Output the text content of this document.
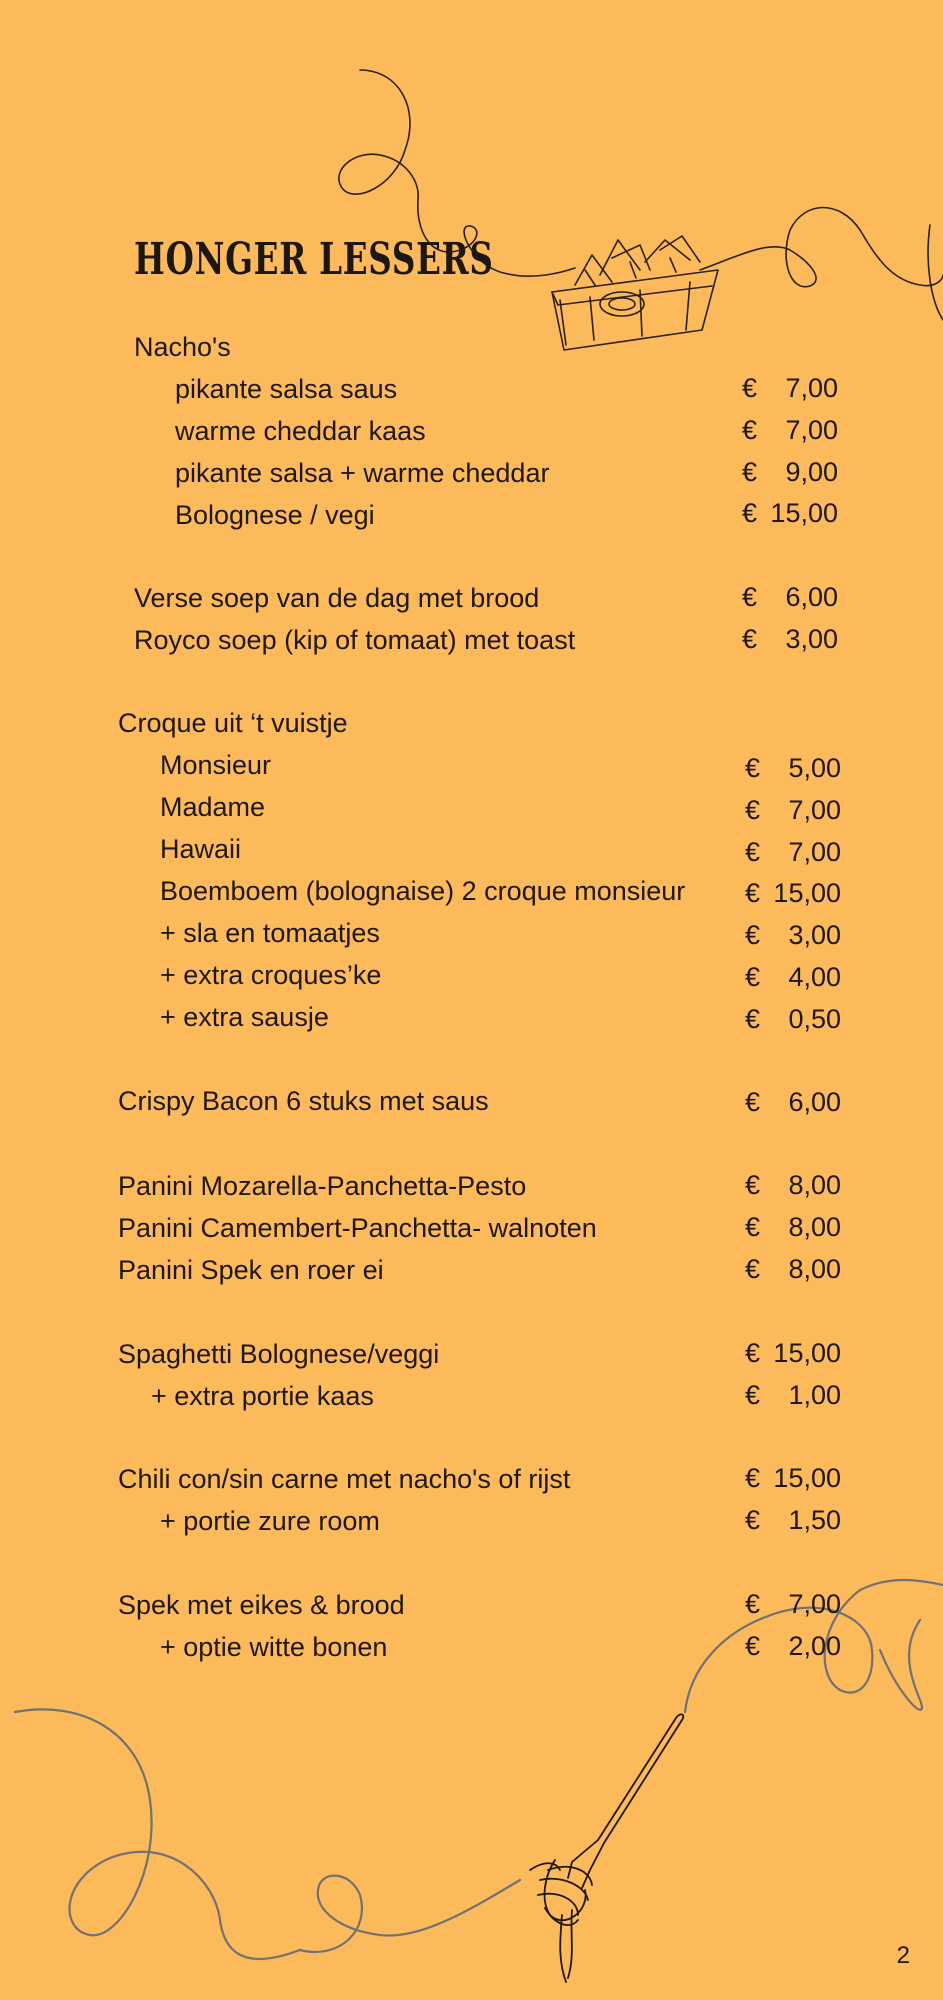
HONGER LESSERS
Nacho's
pikante salsa saus	€ 7,00
warme cheddar kaas	€ 7,00
pikante salsa + warme cheddar	€ 9,00
Bolognese / vegi	€ 15,00
Verse soep van de dag met brood	€ 6,00
Royco soep (kip of tomaat) met toast	€ 3,00
Croque uit ‘t vuistje
Monsieur	€ 5,00
Madame	€ 7,00
Hawaii	€ 7,00
Boemboem (bolognaise) 2 croque monsieur € 15,00
+ sla en tomaatjes	€ 3,00
+ extra croques’ke	€ 4,00
+ extra sausje	€ 0,50
Crispy Bacon 6 stuks met saus	€ 6,00
Panini Mozarella-Panchetta-Pesto	€ 8,00
Panini Camembert-Panchetta- walnoten	€ 8,00
Panini Spek en roer ei	€ 8,00
Spaghetti Bolognese/veggi	€ 15,00
+ extra portie kaas	€ 1,00
Chili con/sin carne met nacho's of rijst	€ 15,00
+ portie zure room	€ 1,50
Spek met eikes & brood	€ 7,00
+ optie witte bonen	€ 2,00
2
